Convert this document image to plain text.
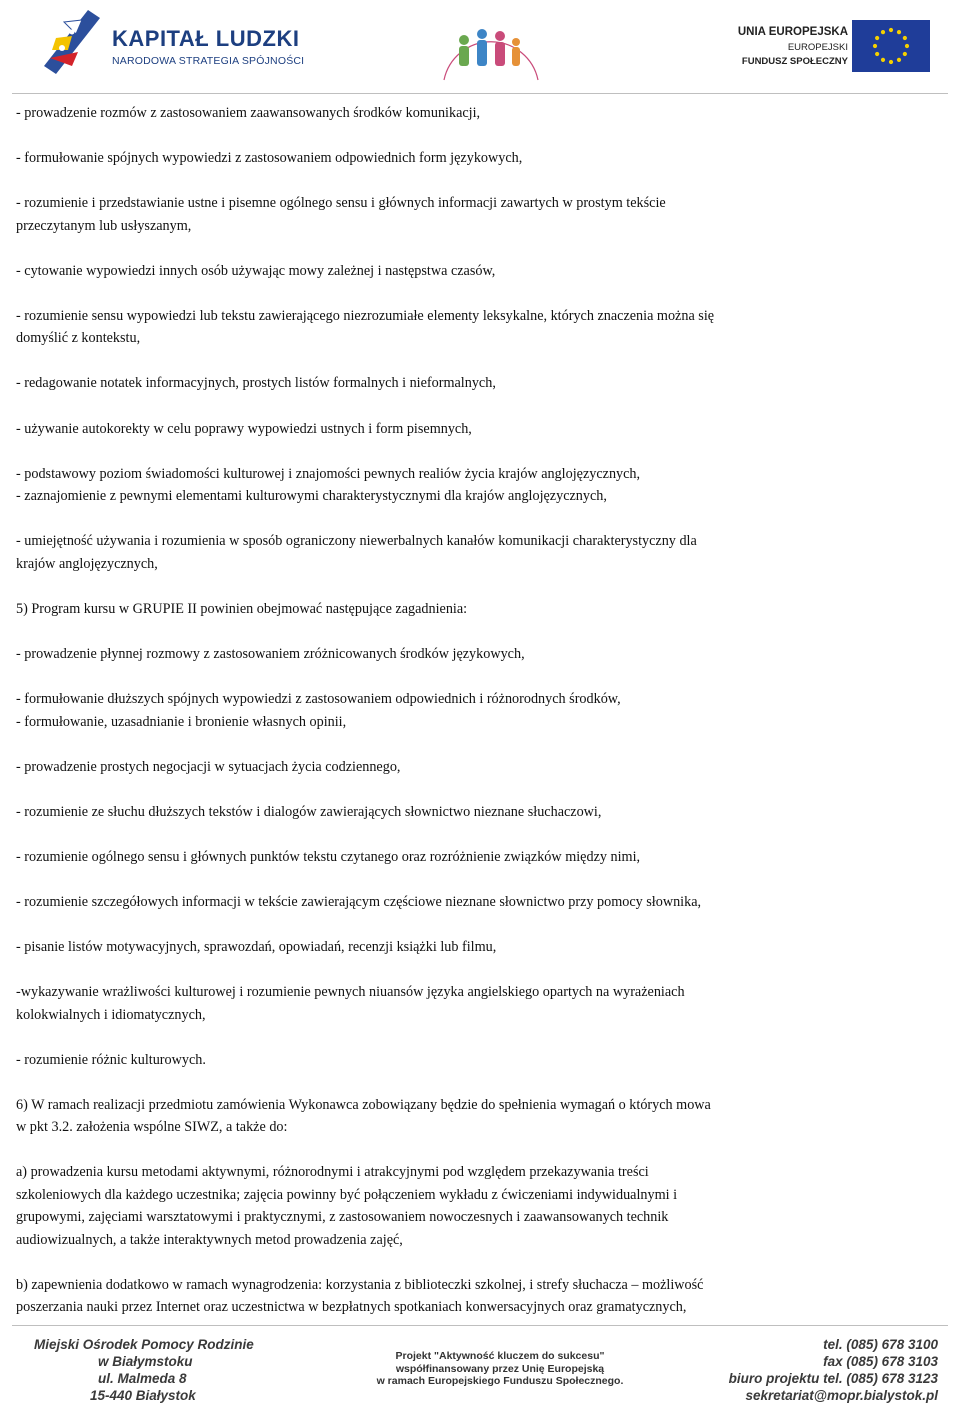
KAPITAŁ LUDZKI
NARODOWA STRATEGIA SPÓJNOŚCI
UNIA EUROPEJSKA
EUROPEJSKI
FUNDUSZ SPOŁECZNY
- prowadzenie rozmów z zastosowaniem zaawansowanych środków komunikacji,
- formułowanie spójnych wypowiedzi z zastosowaniem odpowiednich form językowych,
- rozumienie i przedstawianie ustne i pisemne ogólnego sensu i głównych informacji zawartych w prostym tekście
przeczytanym lub usłyszanym,
- cytowanie wypowiedzi innych osób używając mowy zależnej i następstwa czasów,
- rozumienie sensu wypowiedzi lub tekstu zawierającego niezrozumiałe elementy leksykalne, których znaczenia można się
domyślić z kontekstu,
- redagowanie notatek informacyjnych, prostych listów formalnych i nieformalnych,
- używanie autokorekty w celu poprawy wypowiedzi ustnych i form pisemnych,
- podstawowy poziom świadomości kulturowej i znajomości pewnych realiów życia krajów anglojęzycznych,
- zaznajomienie z pewnymi elementami kulturowymi charakterystycznymi dla krajów anglojęzycznych,
- umiejętność używania i rozumienia w sposób ograniczony niewerbalnych kanałów komunikacji charakterystyczny dla
krajów anglojęzycznych,
5) Program kursu w GRUPIE II powinien obejmować następujące zagadnienia:
- prowadzenie płynnej rozmowy z zastosowaniem zróżnicowanych środków językowych,
- formułowanie dłuższych spójnych wypowiedzi z zastosowaniem odpowiednich i różnorodnych środków,
- formułowanie, uzasadnianie i bronienie własnych opinii,
- prowadzenie prostych negocjacji w sytuacjach życia codziennego,
- rozumienie ze słuchu dłuższych tekstów i dialogów zawierających słownictwo nieznane słuchaczowi,
- rozumienie ogólnego sensu i głównych punktów tekstu czytanego oraz rozróżnienie związków między nimi,
- rozumienie szczegółowych informacji w tekście zawierającym częściowe nieznane słownictwo przy pomocy słownika,
- pisanie listów motywacyjnych, sprawozdań, opowiadań, recenzji książki lub filmu,
-wykazywanie wrażliwości kulturowej i rozumienie pewnych niuansów języka angielskiego opartych na wyrażeniach
kolokwialnych i idiomatycznych,
- rozumienie różnic kulturowych.
6) W ramach realizacji przedmiotu zamówienia Wykonawca zobowiązany będzie do spełnienia wymagań o których mowa
w pkt 3.2. założenia wspólne SIWZ, a także do:
a) prowadzenia kursu metodami aktywnymi, różnorodnymi i atrakcyjnymi pod względem przekazywania treści
szkoleniowych dla każdego uczestnika; zajęcia powinny być połączeniem wykładu z ćwiczeniami indywidualnymi i
grupowymi, zajęciami warsztatowymi i praktycznymi, z zastosowaniem nowoczesnych i zaawansowanych technik
audiowizualnych, a także interaktywnych metod prowadzenia zajęć,
b) zapewnienia dodatkowo w ramach wynagrodzenia: korzystania z biblioteczki szkolnej, i strefy słuchacza – możliwość
poszerzania nauki przez Internet oraz uczestnictwa w bezpłatnych spotkaniach konwersacyjnych oraz gramatycznych,
Miejski Ośrodek Pomocy Rodzinie
w Białymstoku
ul. Malmeda 8
15-440 Białystok
Projekt "Aktywność kluczem do sukcesu"
współfinansowany przez Unię Europejską
w ramach Europejskiego Funduszu Społecznego.
tel. (085) 678 3100
fax (085) 678 3103
biuro projektu tel. (085) 678 3123
sekretariat@mopr.bialystok.pl
